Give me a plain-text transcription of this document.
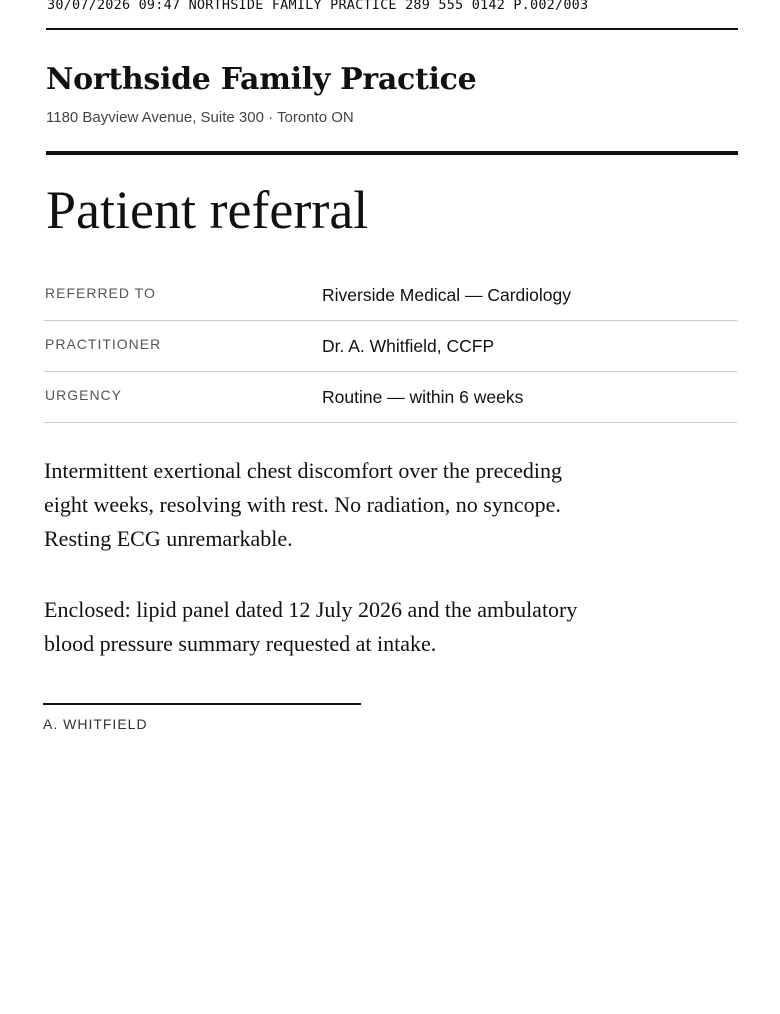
30/07/2026 09:47 NORTHSIDE FAMILY PRACTICE 289 555 0142 P.002/003
Northside Family Practice
1180 Bayview Avenue, Suite 300 · Toronto ON
Patient referral
REFERRED TO	Riverside Medical — Cardiology
PRACTITIONER	Dr. A. Whitfield, CCFP
URGENCY	Routine — within 6 weeks
Intermittent exertional chest discomfort over the preceding
eight weeks, resolving with rest. No radiation, no syncope.
Resting ECG unremarkable.
Enclosed: lipid panel dated 12 July 2026 and the ambulatory
blood pressure summary requested at intake.
A. WHITFIELD
